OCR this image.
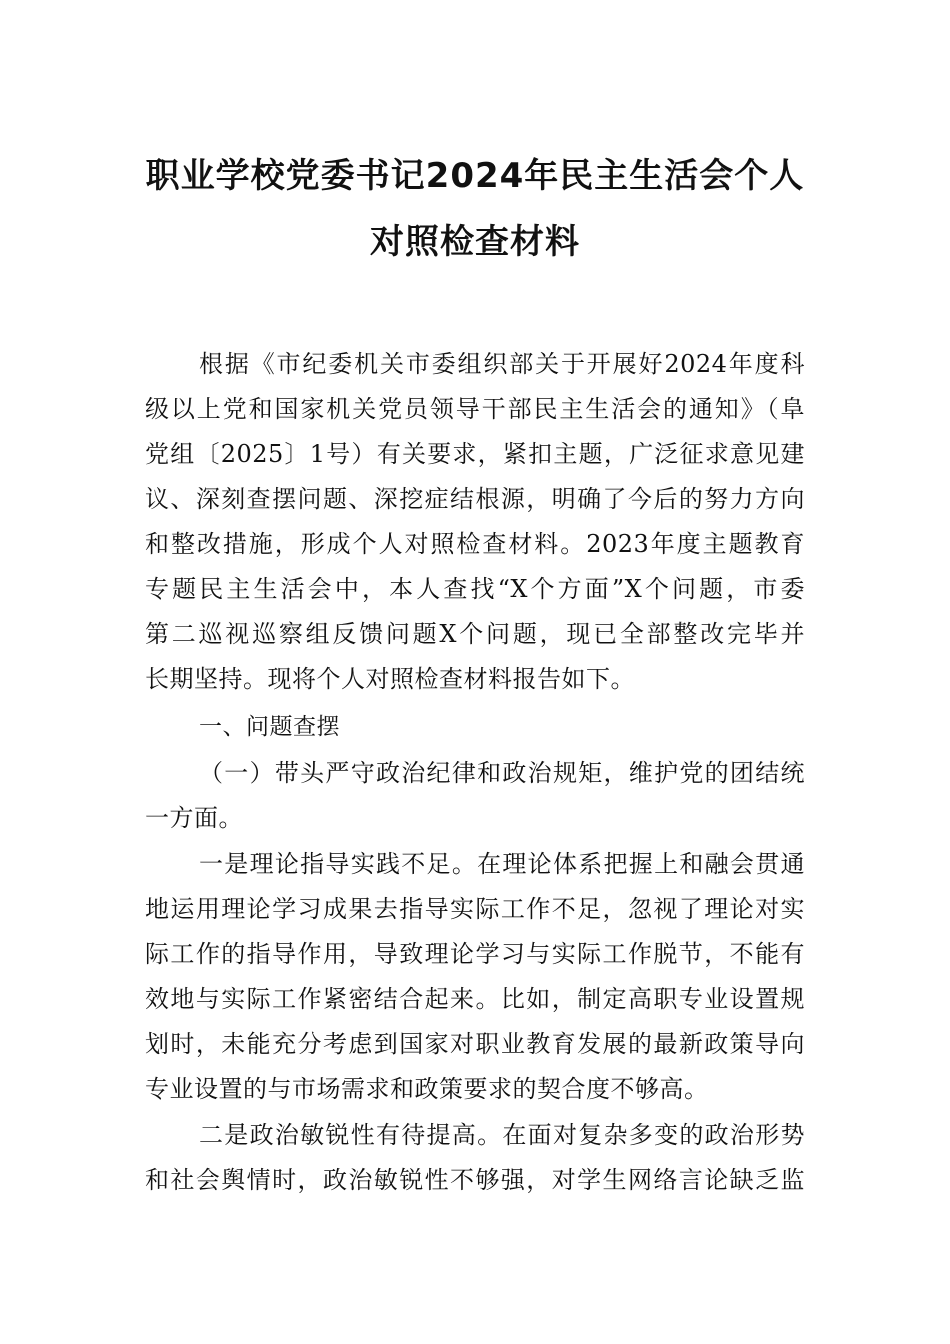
职业学校党委书记2024年民主生活会个人
对照检查材料
根据《市纪委机关市委组织部关于开展好2024年度科
级以上党和国家机关党员领导干部民主生活会的通知》（阜
党组〔2025〕1号）有关要求，紧扣主题，广泛征求意见建
议、深刻查摆问题、深挖症结根源，明确了今后的努力方向
和整改措施，形成个人对照检查材料。2023年度主题教育
专题民主生活会中，本人查找“X个方面”X个问题，市委
第二巡视巡察组反馈问题X个问题，现已全部整改完毕并
长期坚持。现将个人对照检查材料报告如下。
一、问题查摆
（一）带头严守政治纪律和政治规矩，维护党的团结统
一方面。
一是理论指导实践不足。在理论体系把握上和融会贯通
地运用理论学习成果去指导实际工作不足，忽视了理论对实
际工作的指导作用，导致理论学习与实际工作脱节，不能有
效地与实际工作紧密结合起来。比如，制定高职专业设置规
划时，未能充分考虑到国家对职业教育发展的最新政策导向
专业设置的与市场需求和政策要求的契合度不够高。
二是政治敏锐性有待提高。在面对复杂多变的政治形势
和社会舆情时，政治敏锐性不够强，对学生网络言论缺乏监
